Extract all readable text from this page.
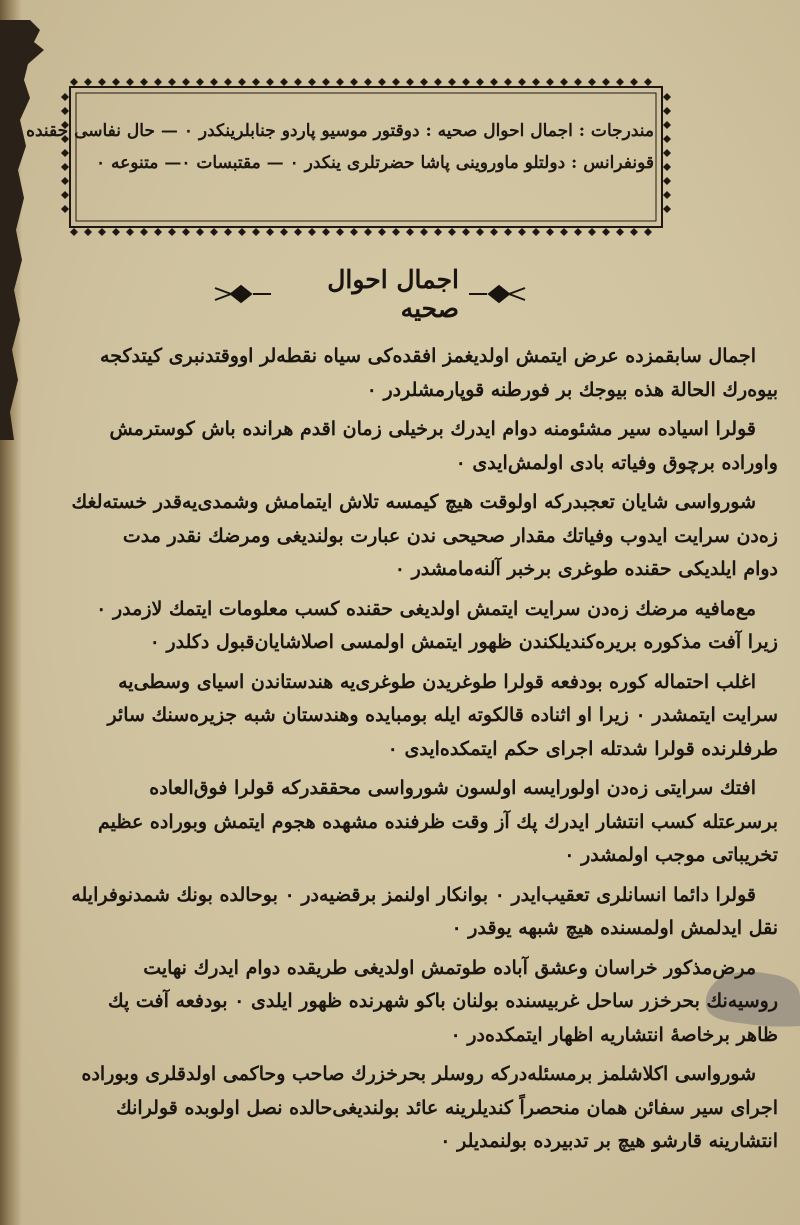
مندرجات : اجمال احوال صحیه : دوقتور موسیو پاردو جنابلرینکدر ۰ — حال نفاسی حقنده
قونفرانس : دولتلو ماوروینی پاشا حضرتلری ینکدر ۰ — مقتبسات ۰— متنوعه ۰
اجمال احوال صحیه
اجمال سابقمزده عرض ایتمش اولدیغمز افقده‌کی سیاه نقطه‌لر اووقتدنبری کیتدکجه
بیوه‌رك الحالة هذه بیوجك بر فورطنه قوپارمشلردر ۰
قولرا اسیاده سیر مشئومنه دوام ایدرك برخیلی زمان اقدم هرانده باش کوسترمش
واوراده برچوق وفیاته بادی اولمش‌ایدی ۰
شورواسی شایان تعجبدرکه اولوقت هیچ کیمسه تلاش ایتمامش وشمدی‌یه‌قدر خسته‌لغك
زه‌دن سرایت ایدوب وفیاتك مقدار صحیحی ندن عبارت بولندیغی ومرضك نقدر مدت
دوام ایلدیکی حقنده طوغری برخبر آلنه‌مامشدر ۰
مع‌مافیه مرضك زه‌دن سرایت ایتمش اولدیغی حقنده کسب معلومات ایتمك لازمدر ۰
زیرا آفت مذکوره بریره‌کندیلکندن ظهور ایتمش اولمسی اصلاشایان‌قبول دکلدر ۰
اغلب احتماله کوره بودفعه قولرا طوغریدن طوغری‌یه هندستاندن اسیای وسطی‌یه
سرایت ایتمشدر ۰ زیرا او اثناده قالکوته ایله بومبایده وهندستان شبه جزیره‌سنك سائر
طرفلرنده قولرا شدتله اجرای حکم ایتمکده‌ایدی ۰
افتك سرایتی زه‌دن اولورایسه اولسون شورواسی محققدرکه قولرا فوق‌العاده
برسرعتله کسب انتشار ایدرك پك آز وقت ظرفنده مشهده هجوم ایتمش وبوراده عظیم
تخریباتی موجب اولمشدر ۰
قولرا دائما انسانلری تعقیب‌ایدر ۰ بوانکار اولنمز برقضیه‌در ۰ بوحالده بونك شمدنوفرایله
نقل ایدلمش اولمسنده هیچ شبهه یوقدر ۰
مرض‌مذکور خراسان وعشق آباده طوتمش اولدیغی طریقده دوام ایدرك نهایت
روسیه‌نك بحرخزر ساحل غربیسنده بولنان باکو شهرنده ظهور ایلدی ۰ بودفعه آفت پك
ظاهر برخاصهٔ انتشاریه اظهار ایتمکده‌در ۰
شورواسی اکلاشلمز برمسئله‌درکه روسلر بحرخزرك صاحب وحاکمی اولدقلری وبوراده
اجرای سیر سفائن همان منحصراً کندیلرینه عائد بولندیغی‌حالده نصل اولوبده قولرانك
انتشارینه قارشو هیچ بر تدبیرده بولنمدیلر ۰
